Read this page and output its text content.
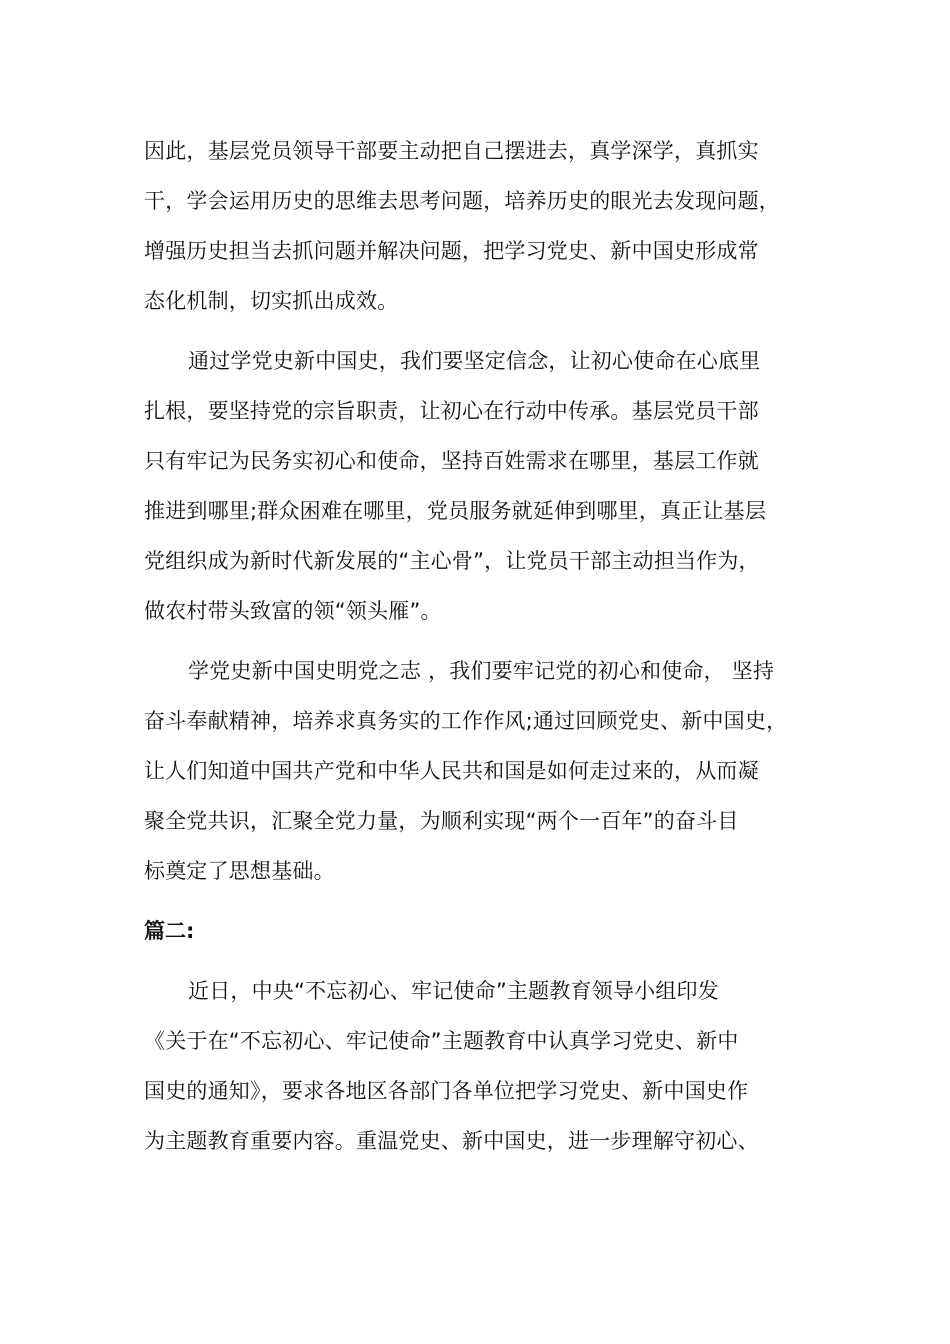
因此，基层党员领导干部要主动把自己摆进去，真学深学，真抓实
干，学会运用历史的思维去思考问题，培养历史的眼光去发现问题，
增强历史担当去抓问题并解决问题，把学习党史、新中国史形成常
态化机制，切实抓出成效。

通过学党史新中国史，我们要坚定信念，让初心使命在心底里
扎根，要坚持党的宗旨职责，让初心在行动中传承。基层党员干部
只有牢记为民务实初心和使命，坚持百姓需求在哪里，基层工作就
推进到哪里;群众困难在哪里，党员服务就延伸到哪里，真正让基层
党组织成为新时代新发展的“主心骨”，让党员干部主动担当作为，
做农村带头致富的领“领头雁”。

学党史新中国史明党之志 ，我们要牢记党的初心和使命， 坚持
奋斗奉献精神，培养求真务实的工作作风;通过回顾党史、新中国史，
让人们知道中国共产党和中华人民共和国是如何走过来的，从而凝
聚全党共识，汇聚全党力量，为顺利实现“两个一百年”的奋斗目
标奠定了思想基础。

篇二:

近日，中央“不忘初心、牢记使命”主题教育领导小组印发
《关于在“不忘初心、牢记使命”主题教育中认真学习党史、新中
国史的通知》，要求各地区各部门各单位把学习党史、新中国史作
为主题教育重要内容。重温党史、新中国史，进一步理解守初心、
